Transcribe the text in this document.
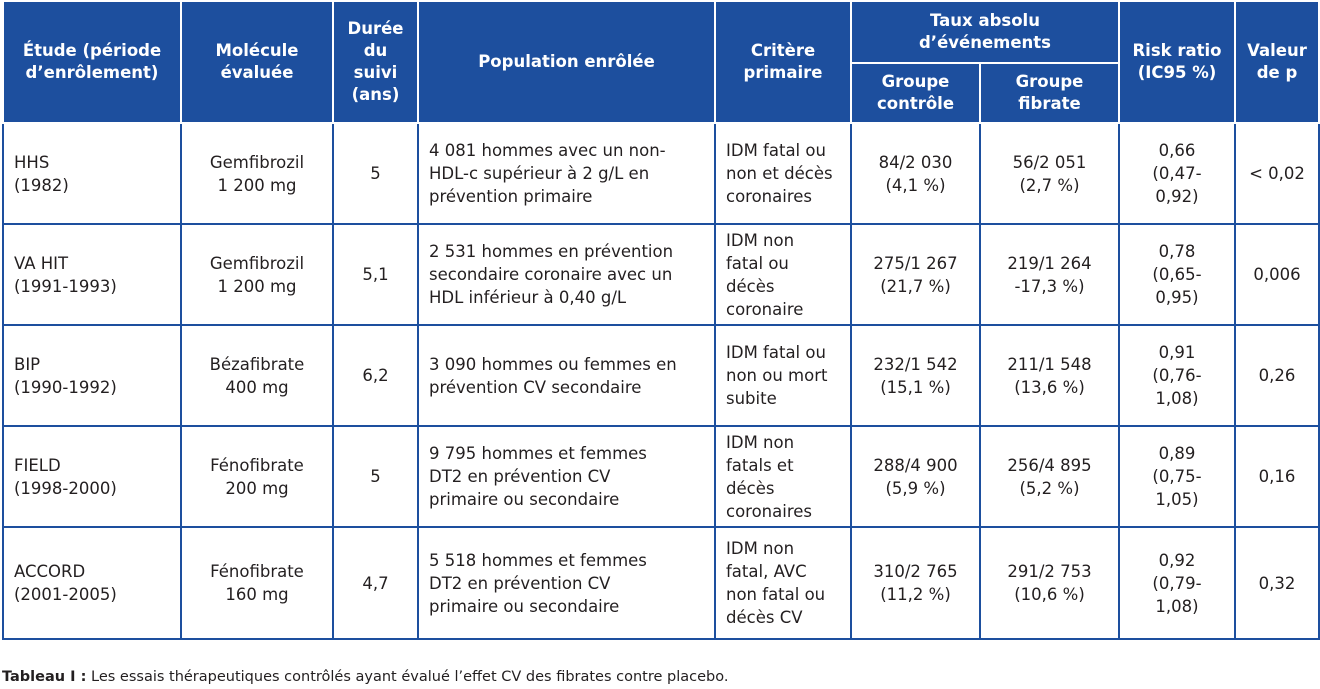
Étude (période
d’enrôlement)	Molécule
évaluée	Durée
du
suivi
(ans)	Population enrôlée	Critère
primaire	Taux absolu
d’événements		Risk ratio
(IC95 %)	Valeur
de p

					Groupe
contrôle	Groupe
fibrate		

HHS
(1982)	Gemfibrozil
1 200 mg	5	4 081 hommes avec un non-
HDL-c supérieur à 2 g/L en
prévention primaire	IDM fatal ou
non et décès
coronaires	84/2 030
(4,1 %)	56/2 051
(2,7 %)	0,66
(0,47-
0,92)	< 0,02

VA HIT
(1991-1993)	Gemfibrozil
1 200 mg	5,1	2 531 hommes en prévention
secondaire coronaire avec un
HDL inférieur à 0,40 g/L	IDM non
fatal ou
décès
coronaire	275/1 267
(21,7 %)	219/1 264
-17,3 %)	0,78
(0,65-
0,95)	0,006

BIP
(1990-1992)	Bézafibrate
400 mg	6,2	3 090 hommes ou femmes en
prévention CV secondaire	IDM fatal ou
non ou mort
subite	232/1 542
(15,1 %)	211/1 548
(13,6 %)	0,91
(0,76-
1,08)	0,26

FIELD
(1998-2000)	Fénofibrate
200 mg	5	9 795 hommes et femmes
DT2 en prévention CV
primaire ou secondaire	IDM non
fatals et
décès
coronaires	288/4 900
(5,9 %)	256/4 895
(5,2 %)	0,89
(0,75-
1,05)	0,16

ACCORD
(2001-2005)	Fénofibrate
160 mg	4,7	5 518 hommes et femmes
DT2 en prévention CV
primaire ou secondaire	IDM non
fatal, AVC
non fatal ou
décès CV	310/2 765
(11,2 %)	291/2 753
(10,6 %)	0,92
(0,79-
1,08)	0,32
Tableau I : Les essais thérapeutiques contrôlés ayant évalué l’effet CV des fibrates contre placebo.
